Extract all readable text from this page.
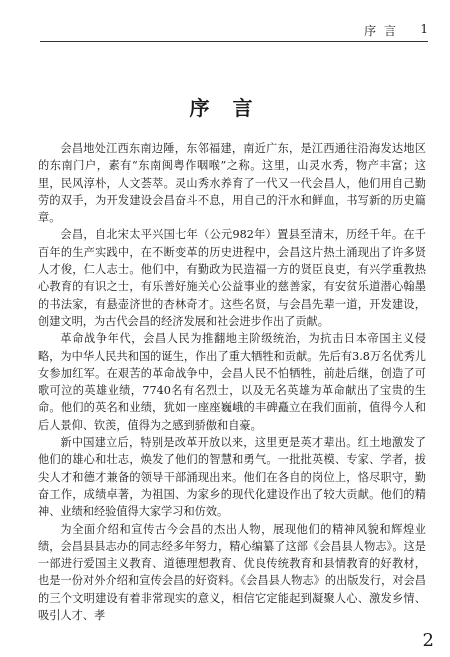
序 言 1
序 言

会昌地处江西东南边陲，东邻福建，南近广东，是江西通往沿海发达地区的东南门户，素有“东南闽粤作咽喉”之称。这里，山灵水秀，物产丰富；这里，民风淳朴，人文荟萃。灵山秀水养育了一代又一代会昌人，他们用自己勤劳的双手，为开发建设会昌奋斗不息，用自己的汗水和鲜血，书写新的历史篇章。

会昌，自北宋太平兴国七年（公元982年）置县至清末，历经千年。在千百年的生产实践中，在不断变革的历史进程中，会昌这片热土涌现出了许多贤人才俊，仁人志士。他们中，有勤政为民造福一方的贤臣良吏，有兴学重教热心教育的有识之士，有乐善好施关心公益事业的慈善家，有安贫乐道潜心翰墨的书法家，有悬壶济世的杏林奇才。这些名贤，与会昌先辈一道，开发建设，创建文明，为古代会昌的经济发展和社会进步作出了贡献。

革命战争年代，会昌人民为推翻地主阶级统治，为抗击日本帝国主义侵略，为中华人民共和国的诞生，作出了重大牺牲和贡献。先后有3.8万名优秀儿女参加红军。在艰苦的革命战争中，会昌人民不怕牺牲，前赴后继，创造了可歌可泣的英雄业绩，7740名有名烈士，以及无名英雄为革命献出了宝贵的生命。他们的英名和业绩，犹如一座座巍峨的丰碑矗立在我们面前，值得今人和后人景仰、钦羡，值得为之感到骄傲和自豪。

新中国建立后，特别是改革开放以来，这里更是英才辈出。红土地激发了他们的雄心和壮志，焕发了他们的智慧和勇气。一批批英模、专家、学者，拔尖人才和德才兼备的领导干部涌现出来。他们在各自的岗位上，恪尽职守，勤奋工作，成绩卓著，为祖国、为家乡的现代化建设作出了较大贡献。他们的精神、业绩和经验值得大家学习和仿效。

为全面介绍和宣传古今会昌的杰出人物，展现他们的精神风貌和辉煌业绩，会昌县县志办的同志经多年努力，精心编纂了这部《会昌县人物志》。这是一部进行爱国主义教育、道德理想教育、优良传统教育和县情教育的好教材，也是一份对外介绍和宣传会昌的好资料。《会昌县人物志》的出版发行，对会昌的三个文明建设有着非常现实的意义，相信它定能起到凝聚人心、激发乡情、吸引人才、孝

2
